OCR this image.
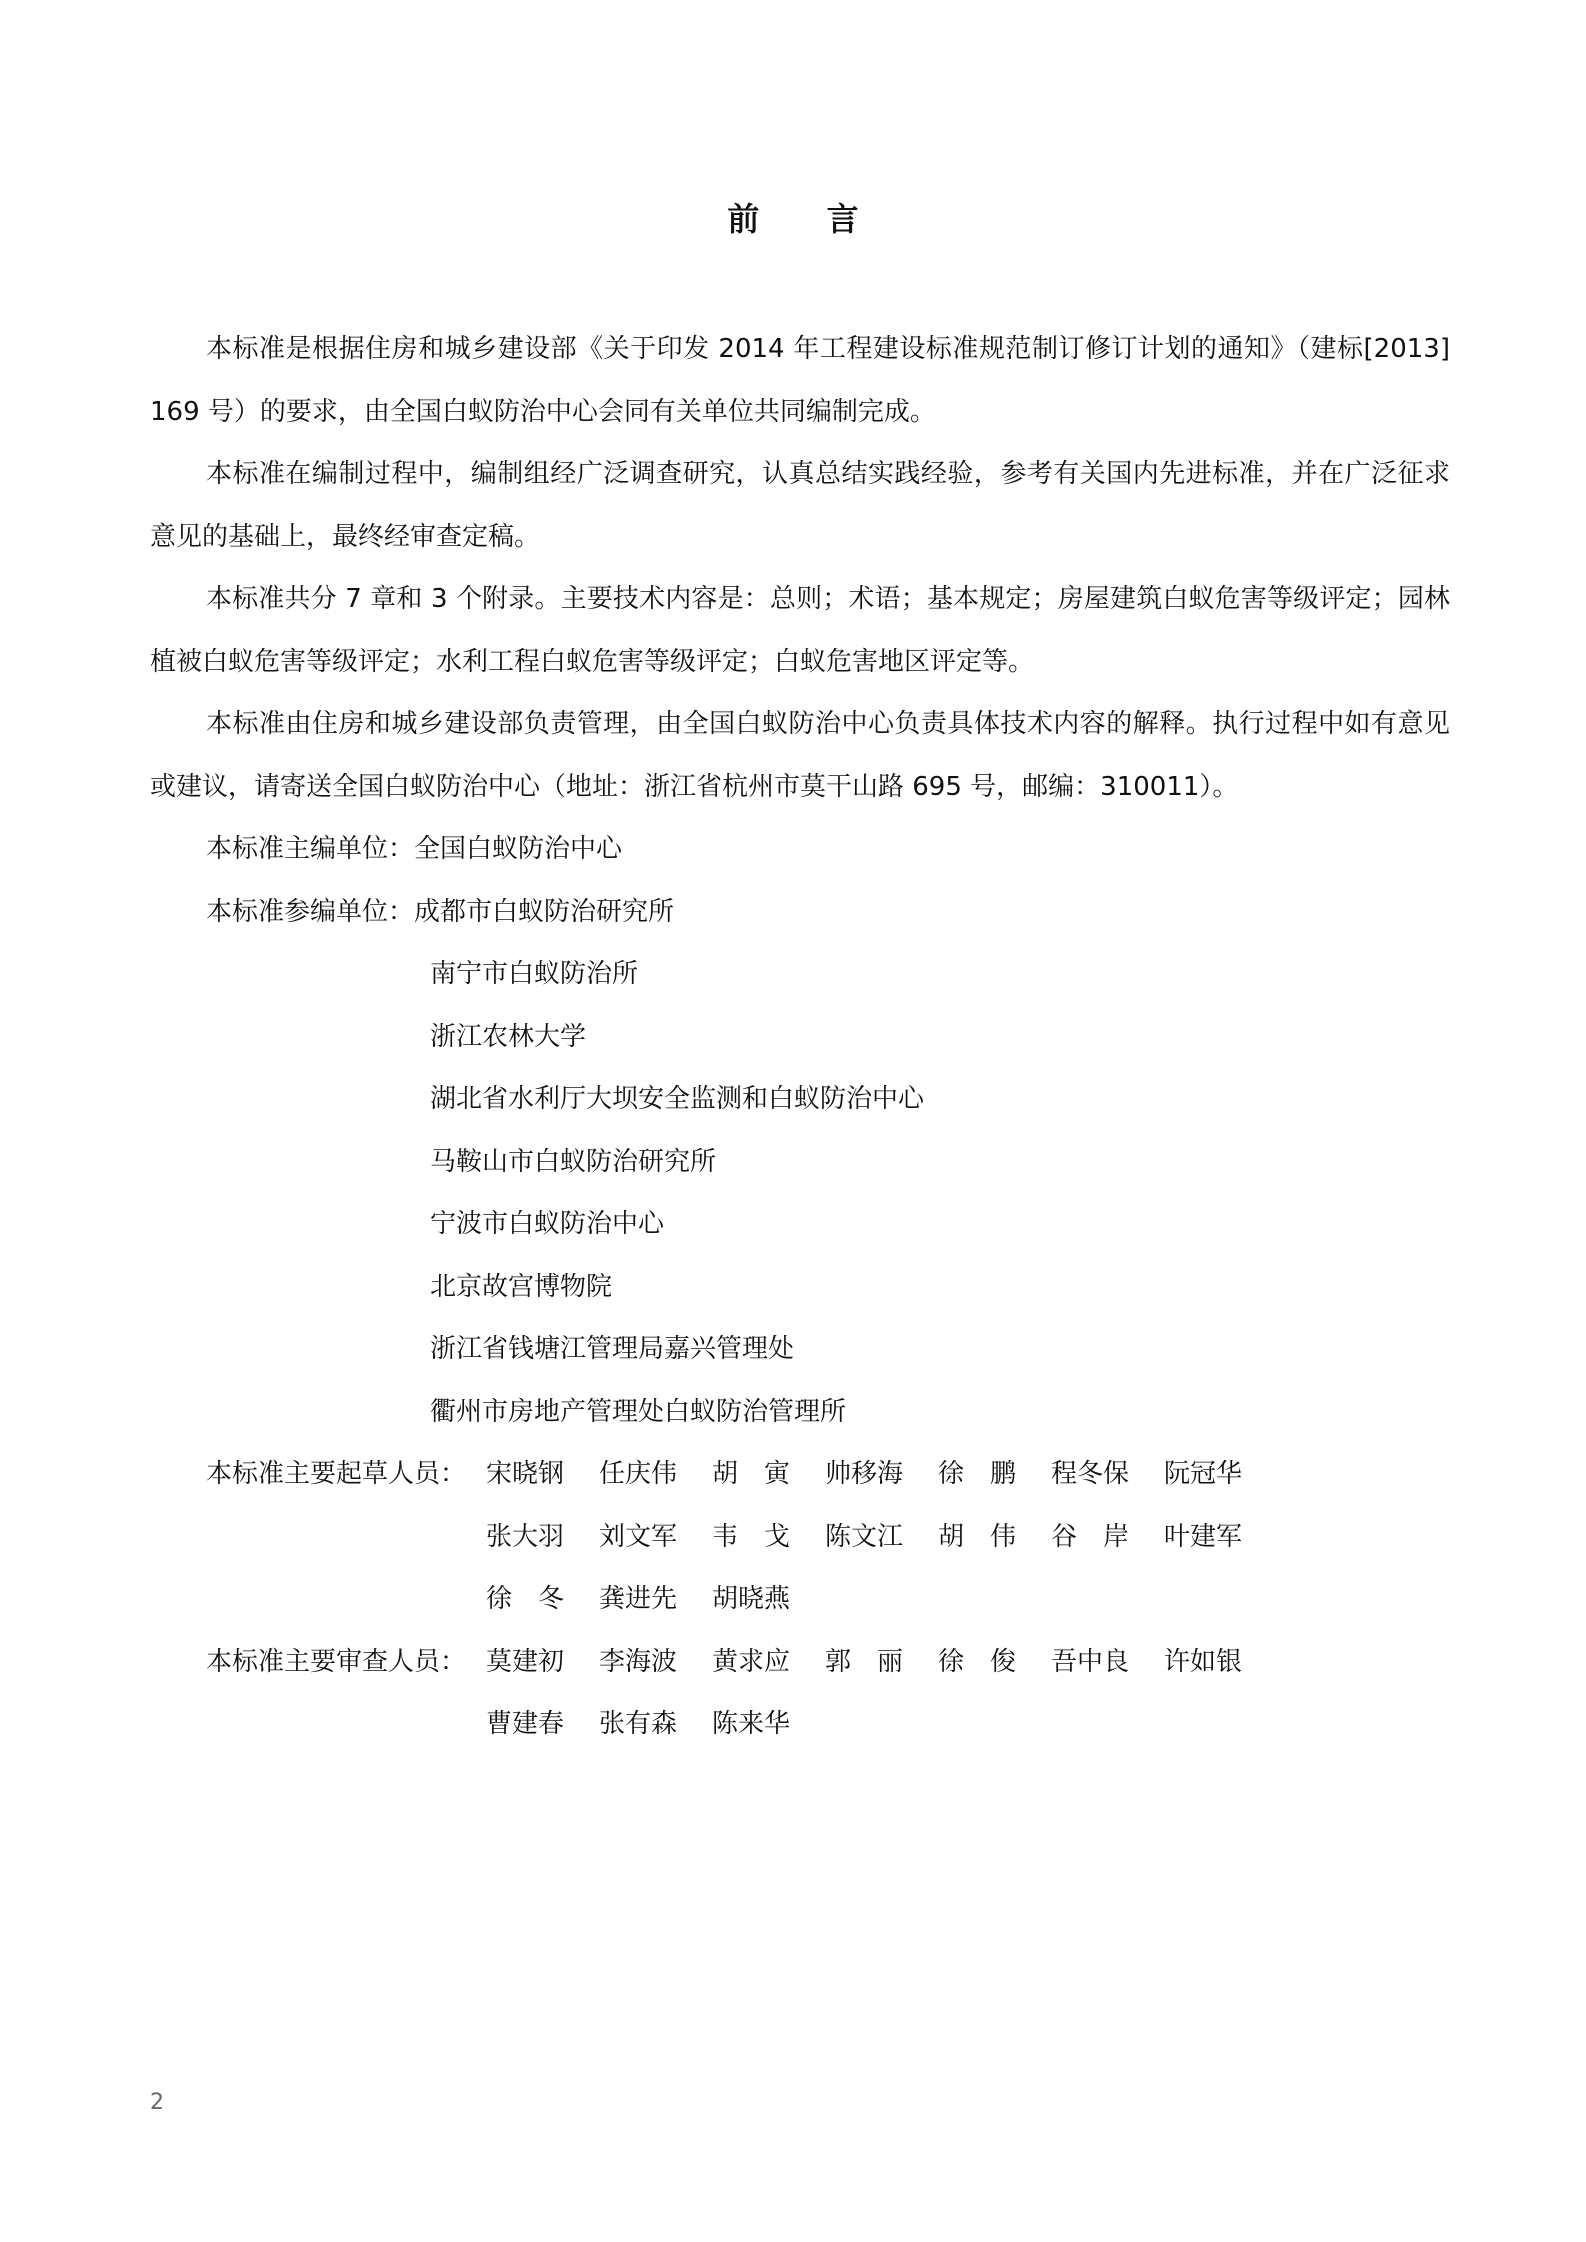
前 言

本标准是根据住房和城乡建设部《关于印发 2014 年工程建设标准规范制订修订计划的通知》（建标[2013] 169 号）的要求，由全国白蚁防治中心会同有关单位共同编制完成。

本标准在编制过程中，编制组经广泛调查研究，认真总结实践经验，参考有关国内先进标准，并在广泛征求意见的基础上，最终经审查定稿。

本标准共分 7 章和 3 个附录。主要技术内容是：总则；术语；基本规定；房屋建筑白蚁危害等级评定；园林植被白蚁危害等级评定；水利工程白蚁危害等级评定；白蚁危害地区评定等。

本标准由住房和城乡建设部负责管理，由全国白蚁防治中心负责具体技术内容的解释。执行过程中如有意见或建议，请寄送全国白蚁防治中心（地址：浙江省杭州市莫干山路 695 号，邮编：310011）。

本标准主编单位： 全国白蚁防治中心
本标准参编单位： 成都市白蚁防治研究所
南宁市白蚁防治所
浙江农林大学
湖北省水利厅大坝安全监测和白蚁防治中心
马鞍山市白蚁防治研究所
宁波市白蚁防治中心
北京故宫博物院
浙江省钱塘江管理局嘉兴管理处
衢州市房地产管理处白蚁防治管理所
本标准主要起草人员： 宋晓钢	任庆伟	胡　寅	帅移海	徐　鹏	程冬保	阮冠华
张大羽	刘文军	韦　戈	陈文江	胡　伟	谷　岸	叶建军
徐　冬	龚进先	胡晓燕
本标准主要审查人员： 莫建初	李海波	黄求应	郭　丽	徐　俊	吾中良	许如银
曹建春	张有森	陈来华
2
